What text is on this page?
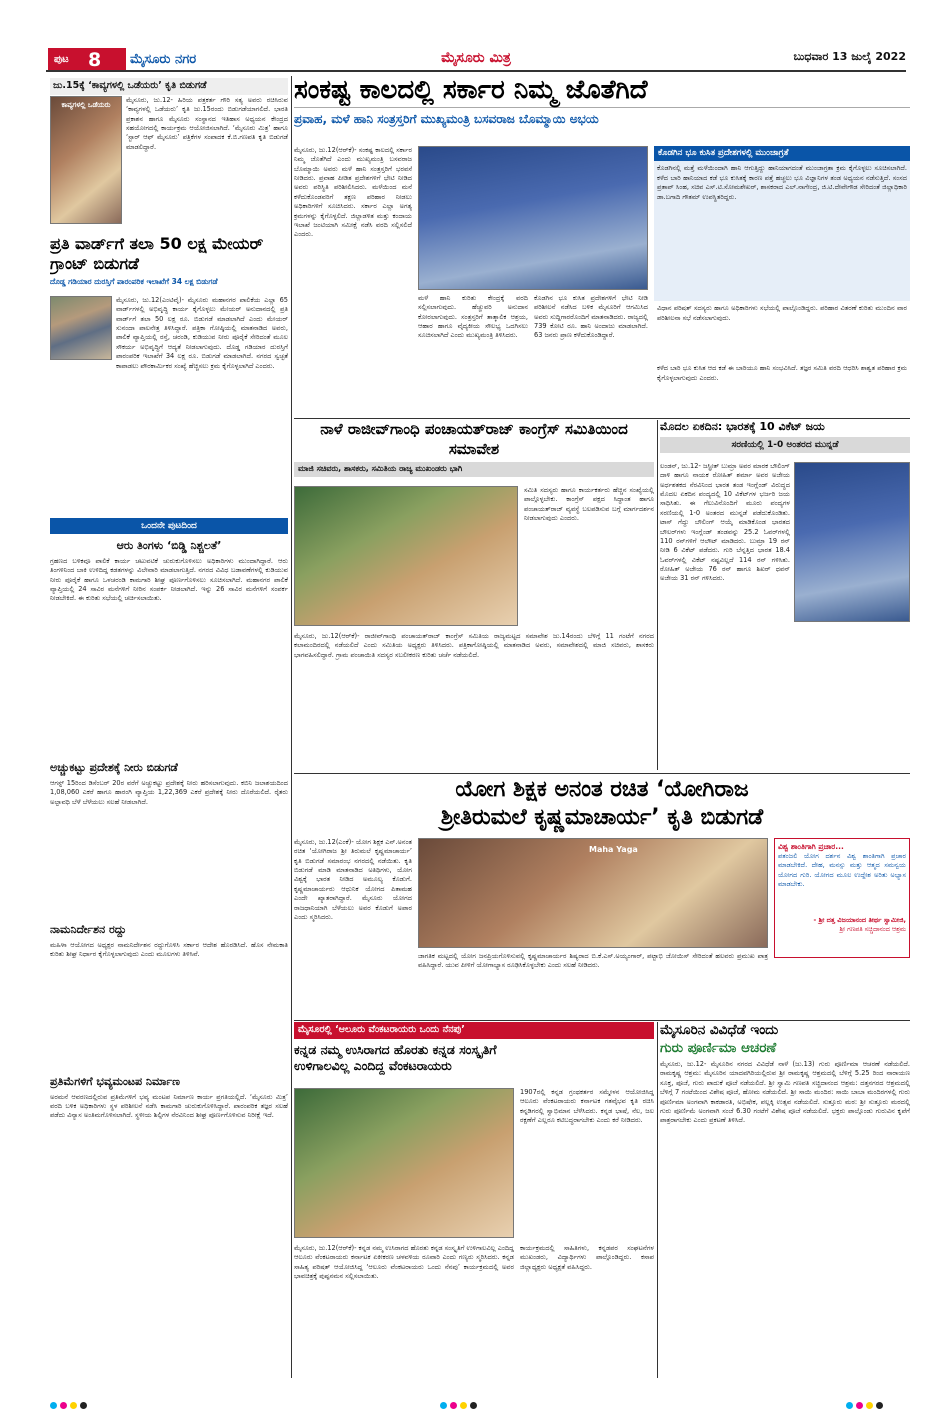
ಪುಟ 8 ಮೈಸೂರು ನಗರ	ಮೈಸೂರು ಮಿತ್ರ	ಬುಧವಾರ 13 ಜುಲೈ 2022
ಜು.15ಕ್ಕೆ ‘ಕಾವ್ಯಗಳಲ್ಲಿ ಒಡೆಯರು’ ಕೃತಿ ಬಿಡುಗಡೆ
ಕಾವ್ಯಗಳಲ್ಲಿ ಒಡೆಯರು
ಮೈಸೂರು, ಜು.12- ಹಿರಿಯ ಪತ್ರಕರ್ತ ಗೌರಿ ಸತ್ಯ ಅವರು ರಚಿಸಿರುವ ‘ಕಾವ್ಯಗಳಲ್ಲಿ ಒಡೆಯರು’ ಕೃತಿ ಜು.15ರಂದು ಬಿಡುಗಡೆಯಾಗಲಿದೆ. ಭಾರತಿ ಪ್ರಕಾಶನ ಹಾಗೂ ಮೈಸೂರು ಸಂಸ್ಥಾನದ ಇತಿಹಾಸ ಅಧ್ಯಯನ ಕೇಂದ್ರದ ಸಹಯೋಗದಲ್ಲಿ ಕಾರ್ಯಕ್ರಮ ಆಯೋಜಿಸಲಾಗಿದೆ. ‘ಮೈಸೂರು ಮಿತ್ರ’ ಹಾಗೂ ‘ಸ್ಟಾರ್ ಆಫ್ ಮೈಸೂರು’ ಪತ್ರಿಕೆಗಳ ಸಂಪಾದಕ ಕೆ.ಬಿ.ಗಣಪತಿ ಕೃತಿ ಬಿಡುಗಡೆ ಮಾಡಲಿದ್ದಾರೆ.
ಪ್ರತಿ ವಾರ್ಡ್‌ಗೆ ತಲಾ 50 ಲಕ್ಷ ಮೇಯರ್ ಗ್ರಾಂಟ್ ಬಿಡುಗಡೆ
ದೊಡ್ಡ ಗಡಿಯಾರ ದುರಸ್ತಿಗೆ ಪಾರಂಪರಿಕ ಇಲಾಖೆಗೆ 34 ಲಕ್ಷ ಬಿಡುಗಡೆ
ಮೈಸೂರು, ಜು.12(ಎಂಟಿವೈ)- ಮೈಸೂರು ಮಹಾನಗರ ಪಾಲಿಕೆಯ ಎಲ್ಲಾ 65 ವಾರ್ಡ್‌ಗಳಲ್ಲಿ ಅಭಿವೃದ್ಧಿ ಕಾರ್ಯ ಕೈಗೊಳ್ಳಲು ಮೇಯರ್ ಅನುದಾನದಲ್ಲಿ ಪ್ರತಿ ವಾರ್ಡ್‌ಗೆ ತಲಾ 50 ಲಕ್ಷ ರೂ. ಬಿಡುಗಡೆ ಮಾಡಲಾಗಿದೆ ಎಂದು ಮೇಯರ್ ಸುನಂದಾ ಪಾಲನೇತ್ರ ತಿಳಿಸಿದ್ದಾರೆ. ಪತ್ರಿಕಾ ಗೋಷ್ಠಿಯಲ್ಲಿ ಮಾತನಾಡಿದ ಅವರು, ಪಾಲಿಕೆ ವ್ಯಾಪ್ತಿಯಲ್ಲಿ ರಸ್ತೆ, ಚರಂಡಿ, ಕುಡಿಯುವ ನೀರು ಪೂರೈಕೆ ಸೇರಿದಂತೆ ಮೂಲ ಸೌಕರ್ಯ ಅಭಿವೃದ್ಧಿಗೆ ಆದ್ಯತೆ ನೀಡಲಾಗುವುದು. ದೊಡ್ಡ ಗಡಿಯಾರ ದುರಸ್ತಿಗೆ ಪಾರಂಪರಿಕ ಇಲಾಖೆಗೆ 34 ಲಕ್ಷ ರೂ. ಬಿಡುಗಡೆ ಮಾಡಲಾಗಿದೆ. ನಗರದ ಸ್ವಚ್ಛತೆ ಕಾಪಾಡಲು ಪೌರಕಾರ್ಮಿಕರ ಸಂಖ್ಯೆ ಹೆಚ್ಚಿಸಲು ಕ್ರಮ ಕೈಗೊಳ್ಳಲಾಗಿದೆ ಎಂದರು.
ಒಂದನೇ ಪುಟದಿಂದ
ಆರು ತಿಂಗಳು ‘ಬಿಡ್ಡಿ ನಿಶ್ಚಲತೆ’
ಗ್ರಹಣದ ಬಳಿಕವೂ ಪಾಲಿಕೆ ಕಾರ್ಯ ಚಟುವಟಿಕೆ ಚುರುಕುಗೊಳಿಸಲು ಅಧಿಕಾರಿಗಳು ಮುಂದಾಗಿದ್ದಾರೆ. ಆರು ತಿಂಗಳಿನಿಂದ ಬಾಕಿ ಉಳಿದಿದ್ದ ಕಡತಗಳನ್ನು ವಿಲೇವಾರಿ ಮಾಡಲಾಗುತ್ತಿದೆ. ನಗರದ ವಿವಿಧ ಬಡಾವಣೆಗಳಲ್ಲಿ ಕುಡಿಯುವ ನೀರು ಪೂರೈಕೆ ಹಾಗೂ ಒಳಚರಂಡಿ ಕಾಮಗಾರಿ ಶೀಘ್ರ ಪೂರ್ಣಗೊಳಿಸಲು ಸೂಚಿಸಲಾಗಿದೆ. ಮಹಾನಗರ ಪಾಲಿಕೆ ವ್ಯಾಪ್ತಿಯಲ್ಲಿ 24 ಸಾವಿರ ಮನೆಗಳಿಗೆ ನೀರಿನ ಸಂಪರ್ಕ ನೀಡಲಾಗಿದೆ. ಇನ್ನು 26 ಸಾವಿರ ಮನೆಗಳಿಗೆ ಸಂಪರ್ಕ ನೀಡಬೇಕಿದೆ. ಈ ಕುರಿತು ಸಭೆಯಲ್ಲಿ ಚರ್ಚಿಸಲಾಯಿತು.
ಅಚ್ಚುಕಟ್ಟು ಪ್ರದೇಶಕ್ಕೆ ನೀರು ಬಿಡುಗಡೆ
ಆಗಸ್ಟ್ 15ರಿಂದ ಡಿಸೆಂಬರ್ 20ರ ವರೆಗೆ ಅಚ್ಚುಕಟ್ಟು ಪ್ರದೇಶಕ್ಕೆ ನೀರು ಹರಿಸಲಾಗುವುದು. ಕಬಿನಿ ಜಲಾಶಯದಿಂದ 1,08,060 ಎಕರೆ ಹಾಗೂ ಹಾರಂಗಿ ವ್ಯಾಪ್ತಿಯ 1,22,369 ಎಕರೆ ಪ್ರದೇಶಕ್ಕೆ ನೀರು ದೊರೆಯಲಿದೆ. ರೈತರು ಅಲ್ಪಾವಧಿ ಬೆಳೆ ಬೆಳೆಯಲು ಸಲಹೆ ನೀಡಲಾಗಿದೆ.
ನಾಮನಿರ್ದೇಶನ ರದ್ದು
ಮಹಿಳಾ ಆಯೋಗದ ಅಧ್ಯಕ್ಷರ ನಾಮನಿರ್ದೇಶನ ರದ್ದುಗೊಳಿಸಿ ಸರ್ಕಾರ ಆದೇಶ ಹೊರಡಿಸಿದೆ. ಹೊಸ ನೇಮಕಾತಿ ಕುರಿತು ಶೀಘ್ರ ನಿರ್ಧಾರ ಕೈಗೊಳ್ಳಲಾಗುವುದು ಎಂದು ಮೂಲಗಳು ತಿಳಿಸಿವೆ.
ಪ್ರತಿಮೆಗಳಿಗೆ ಭವ್ಯಮಂಟಪ ನಿರ್ಮಾಣ
ಅರಮನೆ ಆವರಣದಲ್ಲಿರುವ ಪ್ರತಿಮೆಗಳಿಗೆ ಭವ್ಯ ಮಂಟಪ ನಿರ್ಮಾಣ ಕಾರ್ಯ ಪ್ರಗತಿಯಲ್ಲಿದೆ. ‘ಮೈಸೂರು ಮಿತ್ರ’ ವರದಿ ಬಳಿಕ ಅಧಿಕಾರಿಗಳು ಸ್ಥಳ ಪರಿಶೀಲನೆ ನಡೆಸಿ ಕಾಮಗಾರಿ ಚುರುಕುಗೊಳಿಸಿದ್ದಾರೆ. ಪಾರಂಪರಿಕ ತಜ್ಞರ ಸಲಹೆ ಪಡೆದು ವಿನ್ಯಾಸ ಅಂತಿಮಗೊಳಿಸಲಾಗಿದೆ. ಸ್ಥಳೀಯ ಶಿಲ್ಪಿಗಳ ನೆರವಿನಿಂದ ಶೀಘ್ರ ಪೂರ್ಣಗೊಳಿಸುವ ನಿರೀಕ್ಷೆ ಇದೆ.
ಸಂಕಷ್ಟ ಕಾಲದಲ್ಲಿ ಸರ್ಕಾರ ನಿಮ್ಮ ಜೊತೆಗಿದೆ
ಪ್ರವಾಹ, ಮಳೆ ಹಾನಿ ಸಂತ್ರಸ್ತರಿಗೆ ಮುಖ್ಯಮಂತ್ರಿ ಬಸವರಾಜ ಬೊಮ್ಮಾಯಿ ಅಭಯ
ಮೈಸೂರು, ಜು.12(ಆರ್‌ಕೆ)- ಸಂಕಷ್ಟ ಕಾಲದಲ್ಲಿ ಸರ್ಕಾರ ನಿಮ್ಮ ಜೊತೆಗಿದೆ ಎಂದು ಮುಖ್ಯಮಂತ್ರಿ ಬಸವರಾಜ ಬೊಮ್ಮಾಯಿ ಅವರು ಮಳೆ ಹಾನಿ ಸಂತ್ರಸ್ತರಿಗೆ ಭರವಸೆ ನೀಡಿದರು. ಪ್ರವಾಹ ಪೀಡಿತ ಪ್ರದೇಶಗಳಿಗೆ ಭೇಟಿ ನೀಡಿದ ಅವರು ಪರಿಸ್ಥಿತಿ ಪರಿಶೀಲಿಸಿದರು. ಮಳೆಯಿಂದ ಮನೆ ಕಳೆದುಕೊಂಡವರಿಗೆ ತಕ್ಷಣ ಪರಿಹಾರ ನೀಡಲು ಅಧಿಕಾರಿಗಳಿಗೆ ಸೂಚಿಸಿದರು. ಸರ್ಕಾರ ಎಲ್ಲಾ ಅಗತ್ಯ ಕ್ರಮಗಳನ್ನು ಕೈಗೊಳ್ಳಲಿದೆ. ಜಿಲ್ಲಾಡಳಿತ ಮತ್ತು ಕಂದಾಯ ಇಲಾಖೆ ಜಂಟಿಯಾಗಿ ಸಮೀಕ್ಷೆ ನಡೆಸಿ ವರದಿ ಸಲ್ಲಿಸಲಿದೆ ಎಂದರು.
ಮಳೆ ಹಾನಿ ಕುರಿತು ಕೇಂದ್ರಕ್ಕೆ ವರದಿ ಸಲ್ಲಿಸಲಾಗುವುದು. ಹೆಚ್ಚುವರಿ ಅನುದಾನ ಕೋರಲಾಗುವುದು. ಸಂತ್ರಸ್ತರಿಗೆ ತಾತ್ಕಾಲಿಕ ಆಶ್ರಯ, ಆಹಾರ ಹಾಗೂ ವೈದ್ಯಕೀಯ ಸೌಲಭ್ಯ ಒದಗಿಸಲು ಸೂಚಿಸಲಾಗಿದೆ ಎಂದು ಮುಖ್ಯಮಂತ್ರಿ ತಿಳಿಸಿದರು.
ಕೊಡಗಿನ ಭೂ ಕುಸಿತ ಪ್ರದೇಶಗಳಿಗೆ ಭೇಟಿ ನೀಡಿ ಪರಿಶೀಲನೆ ನಡೆಸಿದ ಬಳಿಕ ಮೈಸೂರಿಗೆ ಆಗಮಿಸಿದ ಅವರು ಸುದ್ದಿಗಾರರೊಂದಿಗೆ ಮಾತನಾಡಿದರು. ರಾಜ್ಯದಲ್ಲಿ 739 ಕೋಟಿ ರೂ. ಹಾನಿ ಅಂದಾಜು ಮಾಡಲಾಗಿದೆ. 63 ಜನರು ಪ್ರಾಣ ಕಳೆದುಕೊಂಡಿದ್ದಾರೆ.
ಕೊಡಗಿನ ಭೂ ಕುಸಿತ ಪ್ರದೇಶಗಳಲ್ಲಿ ಮುಂಜಾಗ್ರತೆ
ಕೊಡಗಿನಲ್ಲಿ ಮತ್ತೆ ಮಳೆಯಿಂದಾಗಿ ಹಾನಿ ಆಗುತ್ತಿದ್ದು ಹಾನಿಯಾಗದಂತೆ ಮುಂಜಾಗ್ರತಾ ಕ್ರಮ ಕೈಗೊಳ್ಳಲು ಸೂಚಿಸಲಾಗಿದೆ. ಕಳೆದ ಬಾರಿ ಹಾನಿಯಾದ ಕಡೆ ಭೂ ಕುಸಿತಕ್ಕೆ ಕಾರಣ ಪತ್ತೆ ಹಚ್ಚಲು ಭೂ ವಿಜ್ಞಾನಿಗಳ ತಂಡ ಅಧ್ಯಯನ ನಡೆಸುತ್ತಿದೆ. ಸಂಸದ ಪ್ರತಾಪ್ ಸಿಂಹ, ಸಚಿವ ಎಸ್.ಟಿ.ಸೋಮಶೇಖರ್, ಶಾಸಕರಾದ ಎಲ್.ನಾಗೇಂದ್ರ, ಜಿ.ಟಿ.ದೇವೇಗೌಡ ಸೇರಿದಂತೆ ಜಿಲ್ಲಾಧಿಕಾರಿ ಡಾ.ಬಗಾದಿ ಗೌತಮ್ ಉಪಸ್ಥಿತರಿದ್ದರು.
ವಿಧಾನ ಪರಿಷತ್ ಸದಸ್ಯರು ಹಾಗೂ ಅಧಿಕಾರಿಗಳು ಸಭೆಯಲ್ಲಿ ಪಾಲ್ಗೊಂಡಿದ್ದರು. ಪರಿಹಾರ ವಿತರಣೆ ಕುರಿತು ಮುಂದಿನ ವಾರ ಪರಿಶೀಲನಾ ಸಭೆ ನಡೆಸಲಾಗುವುದು.
ಕಳೆದ ಬಾರಿ ಭೂ ಕುಸಿತ ಆದ ಕಡೆ ಈ ಬಾರಿಯೂ ಹಾನಿ ಸಂಭವಿಸಿದೆ. ತಜ್ಞರ ಸಮಿತಿ ವರದಿ ಆಧರಿಸಿ ಶಾಶ್ವತ ಪರಿಹಾರ ಕ್ರಮ ಕೈಗೊಳ್ಳಲಾಗುವುದು ಎಂದರು.
ನಾಳೆ ರಾಜೀವ್‌ಗಾಂಧಿ ಪಂಚಾಯತ್‌ರಾಜ್ ಕಾಂಗ್ರೆಸ್ ಸಮಿತಿಯಿಂದ ಸಮಾವೇಶ
ಮಾಜಿ ಸಚಿವರು, ಶಾಸಕರು, ಸಮಿತಿಯ ರಾಜ್ಯ ಮುಖಂಡರು ಭಾಗಿ
ಸಮಿತಿ ಸದಸ್ಯರು ಹಾಗೂ ಕಾರ್ಯಕರ್ತರು ಹೆಚ್ಚಿನ ಸಂಖ್ಯೆಯಲ್ಲಿ ಪಾಲ್ಗೊಳ್ಳಬೇಕು. ಕಾಂಗ್ರೆಸ್ ಪಕ್ಷದ ಸಿದ್ಧಾಂತ ಹಾಗೂ ಪಂಚಾಯತ್‌ರಾಜ್ ವ್ಯವಸ್ಥೆ ಬಲಪಡಿಸುವ ಬಗ್ಗೆ ಮಾರ್ಗದರ್ಶನ ನೀಡಲಾಗುವುದು ಎಂದರು.
ಮೈಸೂರು, ಜು.12(ಆರ್‌ಕೆ)- ರಾಜೀವ್‌ಗಾಂಧಿ ಪಂಚಾಯತ್‌ರಾಜ್ ಕಾಂಗ್ರೆಸ್ ಸಮಿತಿಯ ರಾಜ್ಯಮಟ್ಟದ ಸಮಾವೇಶ ಜು.14ರಂದು ಬೆಳಿಗ್ಗೆ 11 ಗಂಟೆಗೆ ನಗರದ ಕಲಾಮಂದಿರದಲ್ಲಿ ನಡೆಯಲಿದೆ ಎಂದು ಸಮಿತಿಯ ಅಧ್ಯಕ್ಷರು ತಿಳಿಸಿದರು. ಪತ್ರಿಕಾಗೋಷ್ಠಿಯಲ್ಲಿ ಮಾತನಾಡಿದ ಅವರು, ಸಮಾವೇಶದಲ್ಲಿ ಮಾಜಿ ಸಚಿವರು, ಶಾಸಕರು ಭಾಗವಹಿಸಲಿದ್ದಾರೆ. ಗ್ರಾಮ ಪಂಚಾಯಿತಿ ಸದಸ್ಯರ ಸಬಲೀಕರಣ ಕುರಿತು ಚರ್ಚೆ ನಡೆಯಲಿದೆ.
ಮೊದಲ ಏಕದಿನ: ಭಾರತಕ್ಕೆ 10 ವಿಕೆಟ್ ಜಯ
ಸರಣಿಯಲ್ಲಿ 1-0 ಅಂತರದ ಮುನ್ನಡೆ
ಲಂಡನ್, ಜು.12- ಜಸ್ಪ್ರೀತ್ ಬುಮ್ರಾ ಅವರ ಮಾರಕ ಬೌಲಿಂಗ್ ದಾಳಿ ಹಾಗೂ ನಾಯಕ ರೋಹಿತ್ ಶರ್ಮಾ ಅವರ ಅಜೇಯ ಅರ್ಧಶತಕದ ನೆರವಿನಿಂದ ಭಾರತ ತಂಡ ಇಂಗ್ಲೆಂಡ್ ವಿರುದ್ಧದ ಮೊದಲ ಏಕದಿನ ಪಂದ್ಯದಲ್ಲಿ 10 ವಿಕೆಟ್‌ಗಳ ಭರ್ಜರಿ ಜಯ ಸಾಧಿಸಿತು. ಈ ಗೆಲುವಿನೊಂದಿಗೆ ಮೂರು ಪಂದ್ಯಗಳ ಸರಣಿಯಲ್ಲಿ 1-0 ಅಂತರದ ಮುನ್ನಡೆ ಪಡೆದುಕೊಂಡಿತು. ಟಾಸ್ ಗೆದ್ದು ಬೌಲಿಂಗ್ ಆಯ್ಕೆ ಮಾಡಿಕೊಂಡ ಭಾರತದ ಬೌಲರ್‌ಗಳು ಇಂಗ್ಲೆಂಡ್ ತಂಡವನ್ನು 25.2 ಓವರ್‌ಗಳಲ್ಲಿ 110 ರನ್‌ಗಳಿಗೆ ಆಲೌಟ್ ಮಾಡಿದರು. ಬುಮ್ರಾ 19 ರನ್ ನೀಡಿ 6 ವಿಕೆಟ್ ಪಡೆದರು. ಗುರಿ ಬೆನ್ನತ್ತಿದ ಭಾರತ 18.4 ಓವರ್‌ಗಳಲ್ಲಿ ವಿಕೆಟ್ ನಷ್ಟವಿಲ್ಲದೆ 114 ರನ್ ಗಳಿಸಿತು. ರೋಹಿತ್ ಅಜೇಯ 76 ರನ್ ಹಾಗೂ ಶಿಖರ್ ಧವನ್ ಅಜೇಯ 31 ರನ್ ಗಳಿಸಿದರು.
ಯೋಗ ಶಿಕ್ಷಕ ಅನಂತ ರಚಿತ ‘ಯೋಗಿರಾಜ
ಶ್ರೀತಿರುಮಲೆ ಕೃಷ್ಣಮಾಚಾರ್ಯ’ ಕೃತಿ ಬಿಡುಗಡೆ
ಮೈಸೂರು, ಜು.12(ಎಂಕೆ)- ಯೋಗ ಶಿಕ್ಷಕ ಎನ್.ಅನಂತ ರಚಿತ ‘ಯೋಗಿರಾಜ ಶ್ರೀ ತಿರುಮಲೆ ಕೃಷ್ಣಮಾಚಾರ್ಯ’ ಕೃತಿ ಬಿಡುಗಡೆ ಸಮಾರಂಭ ನಗರದಲ್ಲಿ ನಡೆಯಿತು. ಕೃತಿ ಬಿಡುಗಡೆ ಮಾಡಿ ಮಾತನಾಡಿದ ಅತಿಥಿಗಳು, ಯೋಗ ವಿಶ್ವಕ್ಕೆ ಭಾರತ ನೀಡಿದ ಅಮೂಲ್ಯ ಕೊಡುಗೆ. ಕೃಷ್ಣಮಾಚಾರ್ಯರು ಆಧುನಿಕ ಯೋಗದ ಪಿತಾಮಹ ಎಂದೇ ಖ್ಯಾತರಾಗಿದ್ದಾರೆ. ಮೈಸೂರು ಯೋಗದ ರಾಜಧಾನಿಯಾಗಿ ಬೆಳೆಯಲು ಅವರ ಕೊಡುಗೆ ಅಪಾರ ಎಂದು ಸ್ಮರಿಸಿದರು.
Maha Yaga
ಜಾಗತಿಕ ಮಟ್ಟದಲ್ಲಿ ಯೋಗ ಜನಪ್ರಿಯಗೊಳಿಸುವಲ್ಲಿ ಕೃಷ್ಣಮಾಚಾರ್ಯರ ಶಿಷ್ಯರಾದ ಬಿ.ಕೆ.ಎಸ್.ಅಯ್ಯಂಗಾರ್, ಪಟ್ಟಾಭಿ ಜೋಯಿಸ್ ಸೇರಿದಂತೆ ಹಲವರು ಪ್ರಮುಖ ಪಾತ್ರ ವಹಿಸಿದ್ದಾರೆ. ಯುವ ಪೀಳಿಗೆ ಯೋಗಾಭ್ಯಾಸ ರೂಢಿಸಿಕೊಳ್ಳಬೇಕು ಎಂದು ಸಲಹೆ ನೀಡಿದರು.
ವಿಶ್ವ ಶಾಂತಿಗಾಗಿ ಪ್ರಚಾರ...
ಪತಂಜಲಿ ಯೋಗ ದರ್ಶನ ವಿಶ್ವ ಶಾಂತಿಗಾಗಿ ಪ್ರಚಾರ ಮಾಡಬೇಕಿದೆ. ದೇಹ, ಮನಸ್ಸು ಮತ್ತು ಆತ್ಮದ ಸಮನ್ವಯ ಯೋಗದ ಗುರಿ. ಯೋಗದ ಮೂಲ ಉದ್ದೇಶ ಅರಿತು ಅಭ್ಯಾಸ ಮಾಡಬೇಕು.
- ಶ್ರೀ ದತ್ತ ವಿಜಯಾನಂದ ತೀರ್ಥ ಸ್ವಾಮೀಜಿ,
ಶ್ರೀ ಗಣಪತಿ ಸಚ್ಚಿದಾನಂದ ಆಶ್ರಮ
ಮೈಸೂರಲ್ಲಿ ‘ಆಲೂರು ವೆಂಕಟರಾಯರು ಒಂದು ನೆನಪು’
ಕನ್ನಡ ನಮ್ಮ ಉಸಿರಾಗದ ಹೊರತು ಕನ್ನಡ ಸಂಸ್ಕೃತಿಗೆ
ಉಳಿಗಾಲವಿಲ್ಲ ಎಂದಿದ್ದ ವೆಂಕಟರಾಯರು
1907ರಲ್ಲಿ ಕನ್ನಡ ಗ್ರಂಥಕರ್ತರ ಸಮ್ಮೇಳನ ಆಯೋಜಿಸಿದ್ದ ಆಲೂರು ವೆಂಕಟರಾಯರು ಕರ್ನಾಟಕ ಗತವೈಭವ ಕೃತಿ ರಚಿಸಿ ಕನ್ನಡಿಗರಲ್ಲಿ ಸ್ವಾಭಿಮಾನ ಬೆಳೆಸಿದರು. ಕನ್ನಡ ಭಾಷೆ, ನೆಲ, ಜಲ ರಕ್ಷಣೆಗೆ ಎಲ್ಲರೂ ಕಟಿಬದ್ಧರಾಗಬೇಕು ಎಂದು ಕರೆ ನೀಡಿದರು.
ಮೈಸೂರು, ಜು.12(ಆರ್‌ಕೆ)- ಕನ್ನಡ ನಮ್ಮ ಉಸಿರಾಗದ ಹೊರತು ಕನ್ನಡ ಸಂಸ್ಕೃತಿಗೆ ಉಳಿಗಾಲವಿಲ್ಲ ಎಂದಿದ್ದ ಆಲೂರು ವೆಂಕಟರಾಯರು ಕರ್ನಾಟಕ ಏಕೀಕರಣ ಚಳವಳಿಯ ರೂವಾರಿ ಎಂದು ಗಣ್ಯರು ಸ್ಮರಿಸಿದರು. ಕನ್ನಡ ಸಾಹಿತ್ಯ ಪರಿಷತ್ ಆಯೋಜಿಸಿದ್ದ ‘ಆಲೂರು ವೆಂಕಟರಾಯರು ಒಂದು ನೆನಪು’ ಕಾರ್ಯಕ್ರಮದಲ್ಲಿ ಅವರ ಭಾವಚಿತ್ರಕ್ಕೆ ಪುಷ್ಪನಮನ ಸಲ್ಲಿಸಲಾಯಿತು.
ಕಾರ್ಯಕ್ರಮದಲ್ಲಿ ಸಾಹಿತಿಗಳು, ಕನ್ನಡಪರ ಸಂಘಟನೆಗಳ ಮುಖಂಡರು, ವಿದ್ಯಾರ್ಥಿಗಳು ಪಾಲ್ಗೊಂಡಿದ್ದರು. ಕಸಾಪ ಜಿಲ್ಲಾಧ್ಯಕ್ಷರು ಅಧ್ಯಕ್ಷತೆ ವಹಿಸಿದ್ದರು.
ಮೈಸೂರಿನ ವಿವಿಧೆಡೆ ಇಂದು
ಗುರು ಪೂರ್ಣಿಮಾ ಆಚರಣೆ
ಮೈಸೂರು, ಜು.12- ಮೈಸೂರಿನ ನಗರದ ವಿವಿಧೆಡೆ ನಾಳೆ (ಜು.13) ಗುರು ಪೂರ್ಣಿಮಾ ಆಚರಣೆ ನಡೆಯಲಿದೆ. ರಾಮಕೃಷ್ಣ ಆಶ್ರಮ: ಮೈಸೂರಿನ ಯಾದವಗಿರಿಯಲ್ಲಿರುವ ಶ್ರೀ ರಾಮಕೃಷ್ಣ ಆಶ್ರಮದಲ್ಲಿ ಬೆಳಿಗ್ಗೆ 5.25 ರಿಂದ ನಾರಾಯಣ ಸೂಕ್ತ, ಪೂಜೆ, ಗುರು ಪಾದುಕೆ ಪೂಜೆ ನಡೆಯಲಿದೆ. ಶ್ರೀ ಸ್ವಾಮಿ ಗಣಪತಿ ಸಚ್ಚಿದಾನಂದ ಆಶ್ರಮ: ದತ್ತನಗರದ ಆಶ್ರಮದಲ್ಲಿ ಬೆಳಿಗ್ಗೆ 7 ಗಂಟೆಯಿಂದ ವಿಶೇಷ ಪೂಜೆ, ಹೋಮ ನಡೆಯಲಿದೆ. ಶ್ರೀ ಸಾಯಿ ಮಂದಿರ: ಸಾಯಿ ಬಾಬಾ ಮಂದಿರಗಳಲ್ಲಿ ಗುರು ಪೂರ್ಣಿಮಾ ಅಂಗವಾಗಿ ಕಾಕಡಾರತಿ, ಅಭಿಷೇಕ, ಪಲ್ಲಕ್ಕಿ ಉತ್ಸವ ನಡೆಯಲಿದೆ. ಸುತ್ತೂರು ಮಠ: ಶ್ರೀ ಸುತ್ತೂರು ಮಠದಲ್ಲಿ ಗುರು ಪೂರ್ಣಿಮೆ ಅಂಗವಾಗಿ ಸಂಜೆ 6.30 ಗಂಟೆಗೆ ವಿಶೇಷ ಪೂಜೆ ನಡೆಯಲಿದೆ. ಭಕ್ತರು ಪಾಲ್ಗೊಂಡು ಗುರುವಿನ ಕೃಪೆಗೆ ಪಾತ್ರರಾಗಬೇಕು ಎಂದು ಪ್ರಕಟಣೆ ತಿಳಿಸಿದೆ.
